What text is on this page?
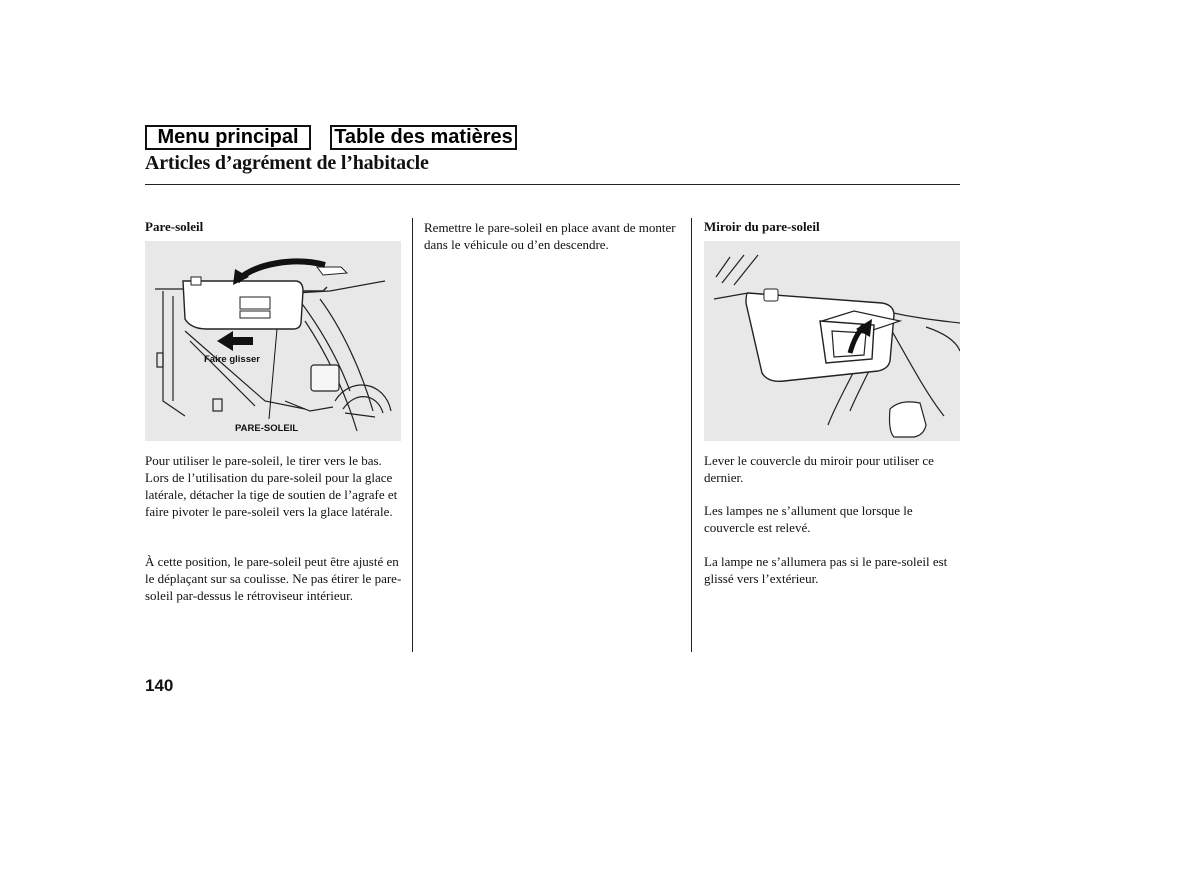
Menu principal	Table des matières
Articles d’agrément de l’habitacle
Pare-soleil
Faire glisser
PARE-SOLEIL

Pour utiliser le pare-soleil, le tirer vers le bas. Lors de l’utilisation du pare-soleil pour la glace latérale, détacher la tige de soutien de l’agrafe et faire pivoter le pare-soleil vers la glace latérale.

À cette position, le pare-soleil peut être ajusté en le déplaçant sur sa coulisse. Ne pas étirer le pare-soleil par-dessus le rétroviseur intérieur.

Remettre le pare-soleil en place avant de monter dans le véhicule ou d’en descendre.

Miroir du pare-soleil

Lever le couvercle du miroir pour utiliser ce dernier.

Les lampes ne s’allument que lorsque le couvercle est relevé.

La lampe ne s’allumera pas si le pare-soleil est glissé vers l’extérieur.

140
